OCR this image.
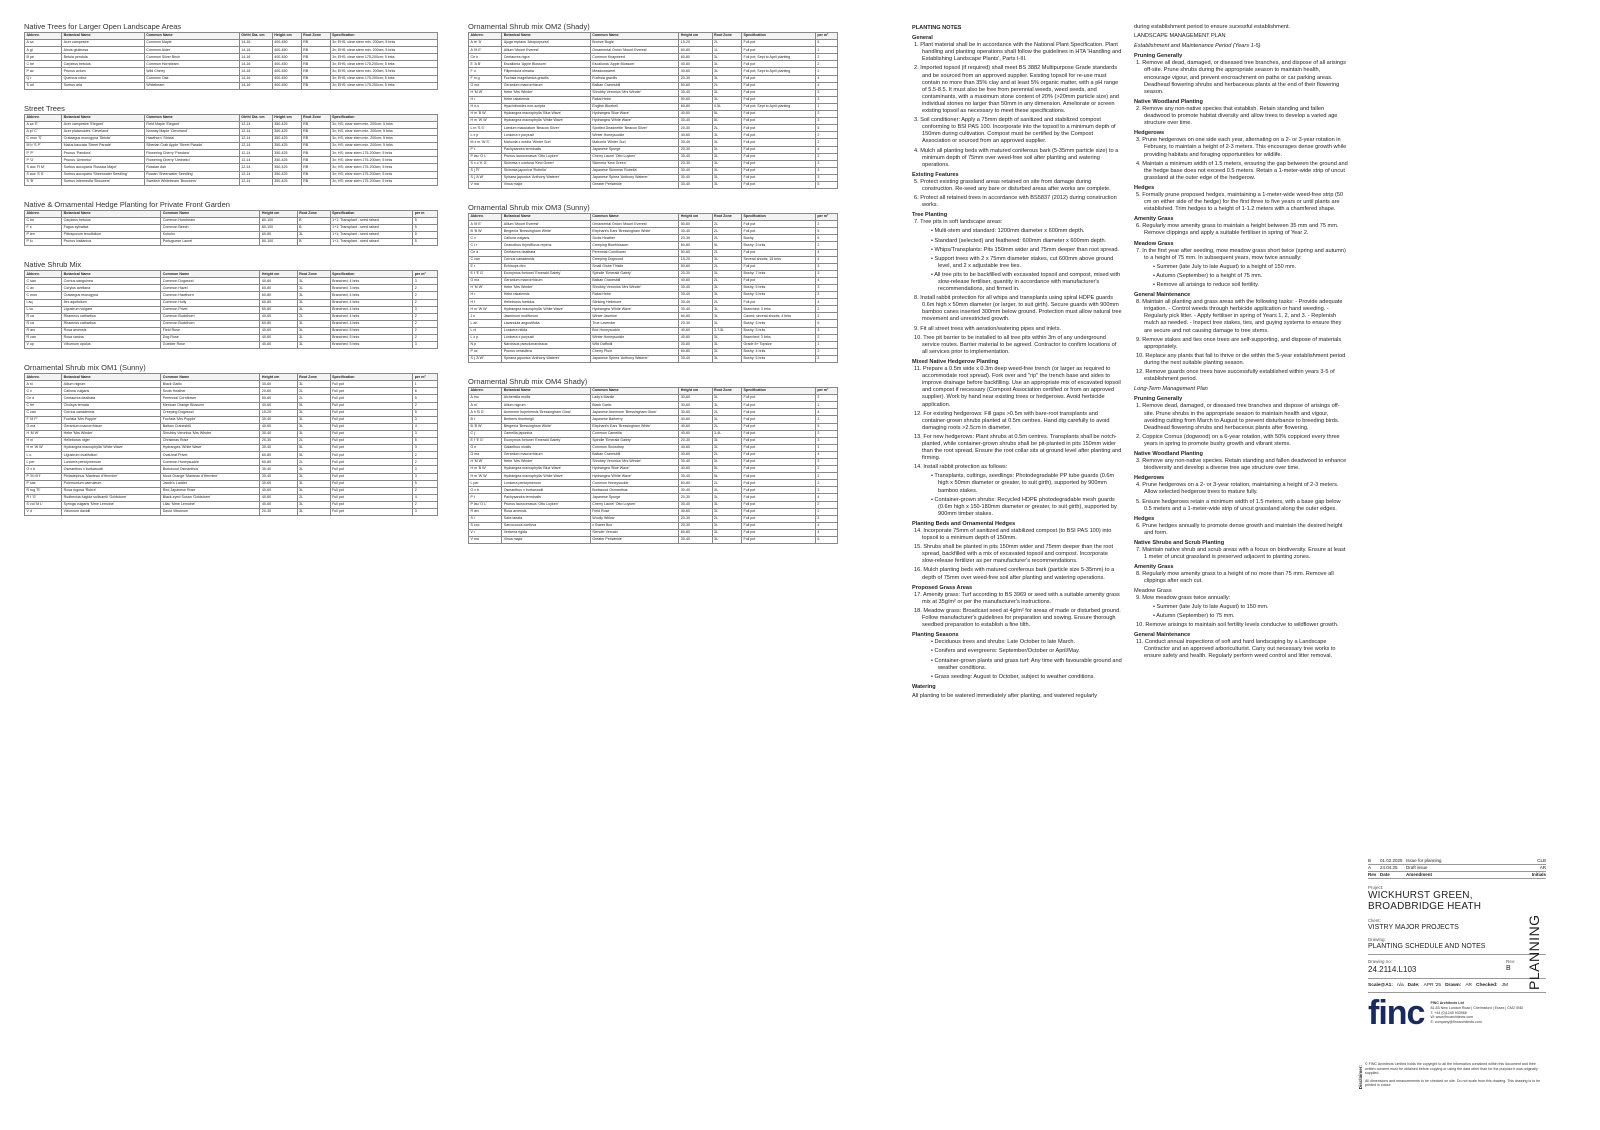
Native Trees for Larger Open Landscape Areas
Abbrev.	Botanical Name	Common Name	Girth/ Dia. cm	Height cm	Root Zone	Specification
A ca	Acer campestre	Common Maple	14-16	400-450	RB	3x; EHS; clear stem min. 200cm; 5 brks
A gl	Alnus glutinosa	Common Alder	14-16	400-450	RB	3x; EHS; clear stem min. 200cm; 5 brks
B pe	Betula pendula	Common Silver Birch	14-16	400-450	RB	3x; EHS; clear stem 175-200cm; 5 brks
C be	Carpinus betulus	Common Hornbeam	14-16	400-450	RB	3x; EHS; clear stem 175-200cm; 5 brks
P av	Prunus avium	Wild Cherry	14-16	400-450	RB	3x; EHS; clear stem min. 200cm; 5 brks
Q r	Quercus robur	Common Oak	14-16	400-450	RB	3x; EHS; clear stem 175-200cm; 5 brks
S ari	Sorbus aria	Whitebeam	14-16	400-450	RB	3x; EHS; clear stem 175-200cm; 5 brks
Street Trees
Abbrev.	Botanical Name	Common Name	Girth/ Dia. cm	Height cm	Root Zone	Specification
A ca 'E'	Acer campestre 'Elegant'	Field Maple 'Elegant'	12-14	350-425	RB	3x; HS; clear stem min. 200cm; 5 brks
A pl 'C'	Acer platanoides 'Cleveland'	Norway Maple 'Cleveland'	12-14	350-425	RB	3x; HS; clear stem min. 200cm; 5 brks
C mon 'S'	Crataegus monogyna 'Stricta'	Hawthorn 'Stricta'	12-14	350-425	RB	3x; HS; clear stem min. 200cm; 5 brks
M b 'S P'	Malus baccata 'Street Parade'	Siberian Crab Apple 'Street Parade'	12-14	350-425	RB	3x; HS; clear stem min. 200cm; 5 brks
P 'P'	Prunus 'Pandora'	Flowering Cherry 'Pandora'	12-14	350-425	RB	3x; HS; clear stem 175-200cm; 5 brks
P 'U'	Prunus 'Umineko'	Flowering Cherry 'Umineko'	12-14	350-425	RB	3x; HS; clear stem 175-200cm; 5 brks
S auc 'R M'	Sorbus aucuparia 'Rossica Major'	Russian Ash	12-14	350-425	RB	3x; HS; clear stem 175-200cm; 5 brks
S auc 'S S'	Sorbus aucuparia 'Sheerwater Seedling'	Rowan 'Sheerwater Seedling'	12-14	350-425	RB	3x; HS; clear stem 175-200cm; 5 brks
S 'B'	Sorbus intermedia 'Brouwers'	Swedish Whitebeam 'Brouwers'	12-14	350-425	RB	3x; HS; clear stem 175-200cm; 5 brks
Native & Ornamental Hedge Planting for Private Front Garden
Abbrev.	Botanical Name	Common Name	Height cm	Root Zone	Specification	per m
C be	Carpinus betulus	Common Hornbeam	80-100	B	1+1; Transplant - seed raised	5
F s	Fagus sylvatica	Common Beech	80-100	B	1+1; Transplant - seed raised	5
P ten	Pittosporum tenuifolium	Kohuhu	60-80	3L	1+1; Transplant - seed raised	5
P lu	Prunus lusitanica	Portuguese Laurel	80-100	B	1+1; Transplant - seed raised	5
Native Shrub Mix
Abbrev.	Botanical Name	Common Name	Height cm	Root Zone	Specification	per m²
C san	Cornus sanguinea	Common Dogwood	40-60	3L	Branched; 4 brks	3
C av	Corylus avellana	Common Hazel	60-80	3L	Branched; 3 brks	2
C mon	Crataegus monogyna	Common Hawthorn	60-80	3L	Branched; 4 brks	2
I aq	Ilex aquifolium	Common Holly	60-80	3L	Branched; 4 brks	2
L vu	Ligustrum vulgare	Common Privet	60-80	3L	Branched; 4 brks	3
R ca	Rhamnus cathartica	Common Buckthorn	40-60	2L	Branched; 4 brks	2
R ca	Rhamnus cathartica	Common Buckthorn	60-80	3L	Branched; 4 brks	2
R arv	Rosa arvensis	Field Rose	40-60	3L	Branched; 5 brks	2
R can	Rosa canina	Dog Rose	40-60	3L	Branched; 5 brks	2
V op	Viburnum opulus	Guelder Rose	40-60	3L	Branched; 5 brks	3
Ornamental Shrub mix OM1 (Sunny)
Abbrev.	Botanical Name	Common Name	Height cm	Root Zone	Specification	per m²
A ni	Allium nigrum	Black Garlic	30-60	3L	Full pot	1
C v	Calluna vulgaris	Scots Heather	20-60	2L	Full pot	6
Ce d	Centaurea dealbata	Perennial Cornflower	50-60	2L	Full pot	5
C ter	Choisya ternata	Mexican Orange Blossom	40-60	5L	Full pot	2
C can	Cornus canadensis	Creeping Dogwood	15-20	3L	Full pot	5
F 'M P'	Fuchsia 'Mrs Popple'	Fuchsia 'Mrs Popple'	30-40	3L	Full pot	3
G ma	Geranium macrorrhizum	Balkan Cranesbill	40-60	3L	Full pot	4
H 'M W'	Hebe 'Mrs Winder'	Shrubby Veronica 'Mrs Winder'	30-40	3L	Full pot	3
H ni	Helleborus niger	Christmas Rose	20-30	2L	Full pot	5
H m 'W W'	Hydrangea macrophylla 'White Wave'	Hydrangea 'White Wave'	30-40	5L	Full pot	3
L o	Ligustrum ovalifolium	Oval-leaf Privet	60-80	5L	Full pot	2
L per	Lonicera periclymenum	Common Honeysuckle	60-80	2L	Full pot	2
O x b	Osmanthus x burkwoodii	Burkwood Osmanthus	30-40	3L	Full pot	3
P 'M d'H'	Philadelphus 'Manteau d'Hermine'	Mock Orange 'Manteau d'Hermine'	30-40	3L	Full pot	3
P cae	Polemonium caeruleum	Jacob's Ladder	30-60	3L	Full pot	5
R rug 'R'	Rosa rugosa 'Rubra'	Red Japanese Rose	40-60	3L	Full pot	2
R f 'G'	Rudbeckia fulgida sullivantii 'Goldsturm'	Black-eyed Susan 'Goldsturm'	40-60	2L	Full pot	4
S vul 'M L'	Syringa vulgaris 'Mme Lemoine'	Lilac 'Mme Lemoine'	40-60	3L	Full pot	2
V d	Viburnum davidii	David Viburnum	20-30	3L	Full pot	3
Ornamental Shrub mix OM2 (Shady)
Abbrev.	Botanical Name	Common Name	Height cm	Root Zone	Specification	per m²
A re 'A'	Ajuga reptans 'Atropurpurea'	Bronze Bugle	15-20	2L	Full pot	6
A 'M E'	Allium 'Mount Everest'	Ornamental Onion 'Mount Everest'	60-80	1L	Full pot	1
Ce n	Centaurea nigra	Common Knapweed	60-80	3L	Full pot; Sept to April planting	2
E 'A B'	Escallonia 'Apple Blossom'	Escallonia 'Apple Blossom'	40-60	3L	Full pot	2
F u	Filipendula ulmaria	Meadowsweet	40-60	3L	Full pot; Sept to April planting	2
F m g	Fuchsia magellanica gracilis	Fuchsia gracilis	20-30	3L	Full pot	4
G ma	Geranium macrorrhizum	Balkan Cranesbill	50-60	2L	Full pot	4
H 'M W'	Hebe 'Mrs Winder'	Shrubby Veronica 'Mrs Winder'	30-40	3L	Full pot	3
H r	Hebe rakaiensis	Rakai Hebe	50-60	3L	Full pot	3
H n-s	Hyacinthoides non-scripta	English Bluebell	60-80	0.5L	Full pot; Sept to April planting	1
H m 'B W'	Hydrangea macrophylla 'Blue Wave'	Hydrangea 'Blue Wave'	40-60	5L	Full pot	2
H m 'W W'	Hydrangea macrophylla 'White Wave'	Hydrangea 'White Wave'	30-40	5L	Full pot	3
L m 'S S'	Lamium maculatum 'Beacon Silver'	Spotted Deadnettle 'Beacon Silver'	20-30	2L	Full pot	5
L x p	Lonicera x purpusii	Winter Honeysuckle	40-60	3L	Full pot	2
M x m 'W S'	Mahonia x media 'Winter Sun'	Mahonia 'Winter Sun'	30-40	3L	Full pot	2
P t	Pachysandra terminalis	Japanese Spurge	20-30	3L	Full pot	4
P lau 'O L'	Prunus laurocerasus 'Otto Luyken'	Cherry Laurel 'Otto Luyken'	30-40	3L	Full pot	2
S x c 'K G'	Skimmia x confusa 'Kew Green'	Skimmia 'Kew Green'	20-30	3L	Full pot	3
S j 'R'	Skimmia japonica 'Rubella'	Japanese Skimmia 'Rubella'	30-40	3L	Full pot	3
S j 'A W'	Spiraea japonica 'Anthony Waterer'	Japanese Spirea 'Anthony Waterer'	30-40	3L	Full pot	3
V ma	Vinca major	Greater Periwinkle	30-40	3L	Full pot	5
Ornamental Shrub mix OM3 (Sunny)
Abbrev.	Botanical Name	Common Name	Height cm	Root Zone	Specification	per m²
A 'M E'	Allium 'Mount Everest'	Ornamental Onion 'Mount Everest'	50-60	2L	Full pot	2
B 'B W'	Bergenia 'Bressingham White'	Elephant's Ears 'Bressingham White'	30-40	2L	Full pot	5
C v	Calluna vulgaris	Scots Heather	20-30	2L	Bushy	6
C t r	Ceanothus thyrsiflorus repens	Creeping Blueblossom	60-80	5L	Bushy; 5 brks	2
Ce d	Centaurea dealbata	Perennial Cornflower	50-60	2L	Full pot	4
C can	Cornus canadensis	Creeping Dogwood	15-20	3L	Several shoots; 15 brks	4
E r	Echinops ritro	Small Globe Thistle	50-60	2L	Full pot	3
E f 'E G'	Euonymus fortunei 'Emerald Gaiety'	Spindle 'Emerald Gaiety'	20-30	3L	Bushy; 7 brks	3
G ma	Geranium macrorrhizum	Balkan Cranesbill	40-60	2L	Full pot	4
H 'M W'	Hebe 'Mrs Winder'	Shrubby Veronica 'Mrs Winder'	30-40	3L	Bushy; 5 brks	3
H r	Hebe rakaiensis	Rakai Hebe	30-40	3L	Bushy; 5 brks	3
H f	Helleborus foetidus	Stinking Hellebore	30-40	2L	Full pot	4
H m 'W W'	Hydrangea macrophylla 'White Wave'	Hydrangea 'White Wave'	30-40	3L	Branched; 3 brks	2
J n	Jasminum nudiflorum	Winter Jasmine	60-80	3L	Caned; several shoots; 4 brks	2
L an	Lavandula angustifolia	True Lavender	20-30	3L	Bushy; 5 brks	5
L ni	Lonicera nitida	Box Honeysuckle	40-60	3-7.5L	Bushy; 5 brks	3
L x p	Lonicera x purpusii	Winter Honeysuckle	40-60	3L	Branched; 3 brks	2
N p	Narcissus pseudonarcissus	Wild Daffodil	30-60	3L	Grade 8+ Topsize	1
P ce	Prunus cerasifera	Cherry Plum	60-80	3L	Bushy; 4 brks	2
S j 'A W'	Spiraea japonica 'Anthony Waterer'	Japanese Spirea 'Anthony Waterer'	30-40	3L	Bushy; 5 brks	3
Ornamental Shrub mix OM4 Shady)
Abbrev.	Botanical Name	Common Name	Height cm	Root Zone	Specification	per m²
A mo	Alchemilla mollis	Lady's Mantle	30-60	3L	Full pot	3
A ni	Allium nigrum	Black Garlic	30-60	3L	Full pot	1
A h 'B G'	Anemone hupehensis 'Bressingham Glow'	Japanese Anemone 'Bressingham Glow'	30-60	2L	Full pot	4
B t	Berberis thunbergii	Japanese Barberry	40-60	3L	Full pot	3
B 'B W'	Bergenia 'Bressingham White'	Elephant's Ears 'Bressingham White'	40-60	2L	Full pot	5
C j	Camellia japonica	Common Camellia	40-60	3-4L	Full pot	2
E f 'E G'	Euonymus fortunei 'Emerald Gaiety'	Spindle 'Emerald Gaiety'	20-30	3L	Full pot	3
G n	Galanthus nivalis	Common Snowdrop	40-60	3L	Full pot	1
G ma	Geranium macrorrhizum	Balkan Cranesbill	40-60	2L	Full pot	4
H 'M W'	Hebe 'Mrs Winder'	Shrubby Veronica 'Mrs Winder'	30-40	3L	Full pot	3
H m 'B W'	Hydrangea macrophylla 'Blue Wave'	Hydrangea 'Blue Wave'	40-60	5L	Full pot	2
H m 'W W'	Hydrangea macrophylla 'White Wave'	Hydrangea 'White Wave'	30-40	5L	Full pot	2
L per	Lonicera periclymenum	Common Honeysuckle	60-80	2L	Full pot	2
O x b	Osmanthus x burkwoodii	Burkwood Osmanthus	30-40	3L	Full pot	3
P t	Pachysandra terminalis	Japanese Spurge	20-30	3L	Full pot	4
P lau 'O L'	Prunus laurocerasus 'Otto Luyken'	Cherry Laurel 'Otto Luyken'	30-40	3L	Full pot	2
R arv	Rosa arvensis	Field Rose	40-60	3L	Full pot	2
S l	Salix lanata	Woolly Willow	20-30	2L	Full pot	3
S coc	Sarcococca confusa	x Sweet Box	20-30	3L	Full pot	4
V r	Verbena rigida	Slender Vervain	60-80	3L	Full pot	4
V ma	Vinca major	Greater Periwinkle	30-40	3L	Full pot	5
PLANTING NOTES
General
1. Plant material shall be in accordance with the National Plant Specification. Plant handling and planting operations shall follow the guidelines in HTA 'Handling and Establishing Landscape Plants', Parts I-III.
2. Imported topsoil (if required) shall meet BS 3882 Multipurpose Grade standards and be sourced from an approved supplier. Existing topsoil for re-use must contain no more than 35% clay and at least 5% organic matter, with a pH range of 5.5-8.5. It must also be free from perennial weeds, weed seeds, and contaminants, with a maximum stone content of 20% (>20mm particle size) and individual stones no larger than 50mm in any dimension. Ameliorate or screen existing topsoil as necessary to meet these specifications.
3. Soil conditioner: Apply a 75mm depth of sanitized and stabilized compost conforming to BSI PAS 100. Incorporate into the topsoil to a minimum depth of 150mm during cultivation. Compost must be certified by the Compost Association or sourced from an approved supplier.
4. Mulch all planting beds with matured coniferous bark (5-35mm particle size) to a minimum depth of 75mm over weed-free soil after planting and watering operations.
Existing Features
5. Protect existing grassland areas retained on site from damage during construction. Re-seed any bare or disturbed areas after works are complete.
6. Protect all retained trees in accordance with BS5837 (2012) during construction works.
Tree Planting
7. Tree pits in soft landscape areas:
• Multi-stem and standard: 1200mm diameter x 600mm depth.
• Standard (selected) and feathered: 600mm diameter x 600mm depth.
• Whips/Transplants: Pits 150mm wider and 75mm deeper than root spread.
• Support trees with 2 x 75mm diameter stakes, cut 600mm above ground level, and 2 x adjustable tree ties.
• All tree pits to be backfilled with excavated topsoil and compost, mixed with slow-release fertiliser, quantity in accordance with manufacturer's recommendations, and firmed in.
8. Install rabbit protection for all whips and transplants using spiral HDPE guards 0.6m high x 50mm diameter (or larger, to suit girth). Secure guards with 900mm bamboo canes inserted 300mm below ground. Protection must allow natural tree movement and unrestricted growth.
9. Fit all street trees with aeration/watering pipes and inlets.
10. Tree pit barrier to be installed to all tree pits within 3m of any underground service routes. Barrier material to be agreed. Contractor to confirm locations of all services prior to implementation.
Mixed Native Hedgerow Planting
11. Prepare a 0.5m wide x 0.3m deep weed-free trench (or larger as required to accommodate root spread). Fork over and "rip" the trench base and sides to improve drainage before backfilling. Use an appropriate mix of excavated topsoil and compost if necessary (Compost Association certified or from an approved supplier). Work by hand near existing trees or hedgerows. Avoid herbicide application.
12. For existing hedgerows: Fill gaps >0.5m with bare-root transplants and container-grown shrubs planted at 0.5m centres. Hand dig carefully to avoid damaging roots >2.5cm in diameter.
13. For new hedgerows: Plant shrubs at 0.5m centres. Transplants shall be notch-planted, while container-grown shrubs shall be pit-planted in pits 150mm wider than the root spread. Ensure the root collar sits at ground level after planting and firming.
14. Install rabbit protection as follows:
• Transplants, cuttings, seedlings: Photodegradable PP tube guards (0.6m high x 50mm diameter or greater, to suit girth), supported by 900mm bamboo stakes.
• Container-grown shrubs: Recycled HDPE photodegradable mesh guards (0.6m high x 150-180mm diameter or greater, to suit girth), supported by 900mm timber stakes.
Planting Beds and Ornamental Hedges
14. Incorporate 75mm of sanitized and stabilized compost (to BSI PAS 100) into topsoil to a minimum depth of 150mm.
15. Shrubs shall be planted in pits 150mm wider and 75mm deeper than the root spread, backfilled with a mix of excavated topsoil and compost. Incorporate slow-release fertilizer as per manufacturer's recommendations.
16. Mulch planting beds with matured coniferous bark (particle size 5-35mm) to a depth of 75mm over weed-free soil after planting and watering operations.
Proposed Grass Areas
17. Amenity grass: Turf according to BS 3969 or seed with a suitable amenity grass mix at 35g/m² or per the manufacturer's instructions.
18. Meadow grass: Broadcast seed at 4g/m² for areas of made or disturbed ground. Follow manufacturer's guidelines for preparation and sowing. Ensure thorough seedbed preparation to establish a fine tilth.
Planting Seasons
• Deciduous trees and shrubs: Late October to late March.
• Conifers and evergreens: September/October or April/May.
• Container-grown plants and grass turf: Any time with favourable ground and weather conditions.
• Grass seeding: August to October, subject to weather conditions.
Watering
All planting to be watered immediately after planting, and watered regularly
during establishment period to ensure sucessful establishment.
LANDSCAPE MANAGEMENT PLAN
Establishment and Maintenance Period (Years 1-5)
Pruning Generally
1. Remove all dead, damaged, or diseased tree branches, and dispose of all arisings off-site. Prune shrubs during the appropriate season to maintain health, encourage vigour, and prevent encroachment on paths or car parking areas. Deadhead flowering shrubs and herbaceous plants at the end of their flowering season.
Native Woodland Planting
2. Remove any non-native species that establish. Retain standing and fallen deadwood to promote habitat diversity and allow trees to develop a varied age structure over time.
Hedgerows
3. Prune hedgerows on one side each year, alternating on a 2- or 3-year rotation in February, to maintain a height of 2-3 meters. This encourages dense growth while providing habitats and foraging opportunities for wildlife.
4. Maintain a minimum width of 1.5 meters, ensuring the gap between the ground and the hedge base does not exceed 0.5 meters. Retain a 1-meter-wide strip of uncut grassland at the outer edge of the hedgerow.
Hedges
5. Formally prune proposed hedges, maintaining a 1-meter-wide weed-free strip (50 cm on either side of the hedge) for the first three to five years or until plants are established. Trim hedges to a height of 1-1.2 meters with a chamfered shape.
Amenity Grass
6. Regularly mow amenity grass to maintain a height between 35 mm and 75 mm. Remove clippings and apply a suitable fertiliser in spring of Year 2.
Meadow Grass
7. In the first year after seeding, mow meadow grass short twice (spring and autumn) to a height of 75 mm. In subsequent years, mow twice annually:
• Summer (late July to late August) to a height of 150 mm.
• Autumn (September) to a height of 75 mm.
• Remove all arisings to reduce soil fertility.
General Maintenance
8. Maintain all planting and grass areas with the following tasks: - Provide adequate irrigation. - Control weeds through herbicide application or hand weeding. - Regularly pick litter. - Apply fertiliser in spring of Years 1, 2, and 3. - Replenish mulch as needed. - Inspect tree stakes, ties, and guying systems to ensure they are secure and not causing damage to tree stems.
9. Remove stakes and ties once trees are self-supporting, and dispose of materials appropriately.
10. Replace any plants that fail to thrive or die within the 5-year establishment period during the next suitable planting season.
12. Remove guards once trees have successfully established within years 3-5 of establishment period.
Long-Term Management Plan
Pruning Generally
1. Remove dead, damaged, or diseased tree branches and dispose of arisings off-site. Prune shrubs in the appropriate season to maintain health and vigour, avoiding cutting from March to August to prevent disturbance to breeding birds. Deadhead flowering shrubs and herbaceous plants after flowering.
2. Coppice Cornus (dogwood) on a 6-year rotation, with 50% coppiced every three years in spring to promote bushy growth and vibrant stems.
Native Woodland Planting
3. Remove any non-native species. Retain standing and fallen deadwood to enhance biodiversity and develop a diverse tree age structure over time.
Hedgerows
4. Prune hedgerows on a 2- or 3-year rotation, maintaining a height of 2-3 meters. Allow selected hedgerow trees to mature fully.
5. Ensure hedgerows retain a minimum width of 1.5 meters, with a base gap below 0.5 meters and a 1-meter-wide strip of uncut grassland along the outer edges.
Hedges
6. Prune hedges annually to promote dense growth and maintain the desired height and form.
Native Shrubs and Scrub Planting
7. Maintain native shrub and scrub areas with a focus on biodiversity. Ensure at least 1 meter of uncut grassland is preserved adjacent to planting zones.
Amenity Grass
8. Regularly mow amenity grass to a height of no more than 75 mm. Remove all clippings after each cut.
Meadow Grass
9. Mow meadow grass twice annually:
• Summer (late July to late August) to 150 mm.
• Autumn (September) to 75 mm.
10. Remove arisings to maintain soil fertility levels conducive to wildflower growth.
General Maintenance
11. Conduct annual inspections of soft and hard landscaping by a Landscape Contractor and an approved arboriculturist. Carry out necessary tree works to ensure safety and health. Regularly perform weed control and litter removal.
B	01.02.2025 Issue for planning	CLB
A	24.04.25	Draft issue	AR
Rev Date	Amendment	Initials
Project:
WICKHURST GREEN,
BROADBRIDGE HEATH
Client:
VISTRY MAJOR PROJECTS
Drawing:
PLANTING SCHEDULE AND NOTES
Drawing no:
24.2114.L103
Rev:
B
Scale@A1: n/a Date: APR '25 Drawn: AR Checked: JM
finc FINC Architects Ltd
81-83 New London Road | Chelmsford | Essex | CM2 0ND
T: +44 (0)1245 933968
W: www.fincarchitects.com
E: company@fincarchitects.com
PLANNING
Disclaimer:
© FINC Architects Limited holds the copyright to all the information contained within this document and their written consent must be obtained before copying or using the data other than for the purpose it was originally supplied.
All dimensions and measurements to be checked on site. Do not scale from this drawing. This drawing is to be printed in colour.
